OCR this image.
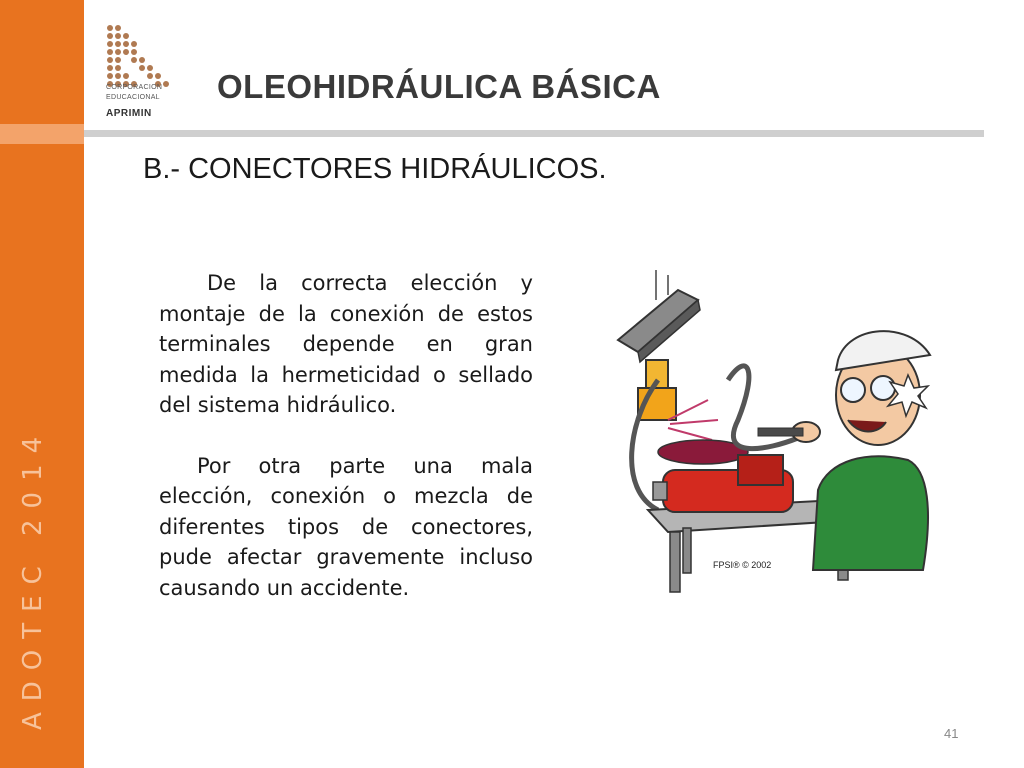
ADOTEC 2014
CORPORACION
EDUCACIONAL
APRIMIN
OLEOHIDRÁULICA BÁSICA
B.- CONECTORES HIDRÁULICOS.

De la correcta elección y montaje de la conexión de estos terminales depende en gran medida la hermeticidad o sellado del sistema hidráulico.

Por otra parte una mala elección, conexión o mezcla de diferentes tipos de conectores, pude afectar gravemente incluso causando un accidente.

FPSI® © 2002
41
